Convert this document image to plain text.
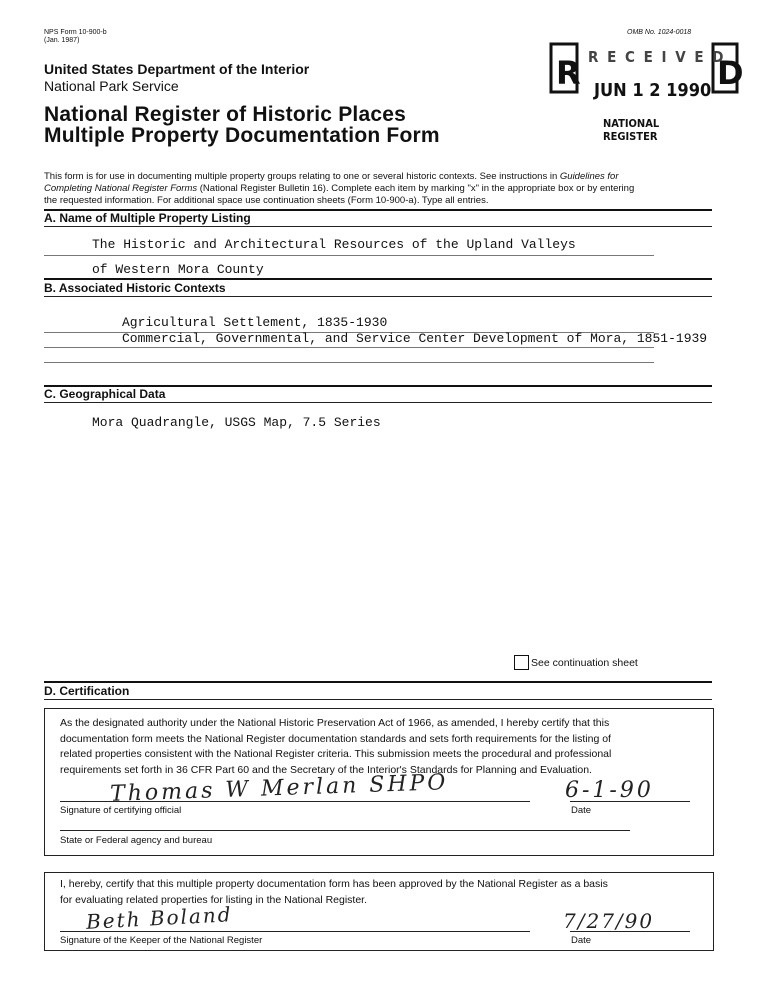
NPS Form 10-900-b
(Jan. 1987)
OMB No. 1024-0018
United States Department of the Interior
National Park Service
National Register of Historic Places
Multiple Property Documentation Form
R	D
R E C E I V E D
JUN 1 2 1990
NATIONAL
REGISTER
This form is for use in documenting multiple property groups relating to one or several historic contexts. See instructions in Guidelines for
Completing National Register Forms (National Register Bulletin 16). Complete each item by marking "x" in the appropriate box or by entering
the requested information. For additional space use continuation sheets (Form 10-900-a). Type all entries.
A. Name of Multiple Property Listing
The Historic and Architectural Resources of the Upland Valleys
of Western Mora County
B. Associated Historic Contexts
Agricultural Settlement, 1835-1930
Commercial, Governmental, and Service Center Development of Mora, 1851-1939
C. Geographical Data
Mora Quadrangle, USGS Map, 7.5 Series
See continuation sheet
D. Certification
As the designated authority under the National Historic Preservation Act of 1966, as amended, I hereby certify that this
documentation form meets the National Register documentation standards and sets forth requirements for the listing of
related properties consistent with the National Register criteria. This submission meets the procedural and professional
requirements set forth in 36 CFR Part 60 and the Secretary of the Interior's Standards for Planning and Evaluation.
Thomas W Merlan SHPO	6-1-90
Signature of certifying official	Date
State or Federal agency and bureau
I, hereby, certify that this multiple property documentation form has been approved by the National Register as a basis
for evaluating related properties for listing in the National Register.
Beth Boland	7/27/90
Signature of the Keeper of the National Register	Date
